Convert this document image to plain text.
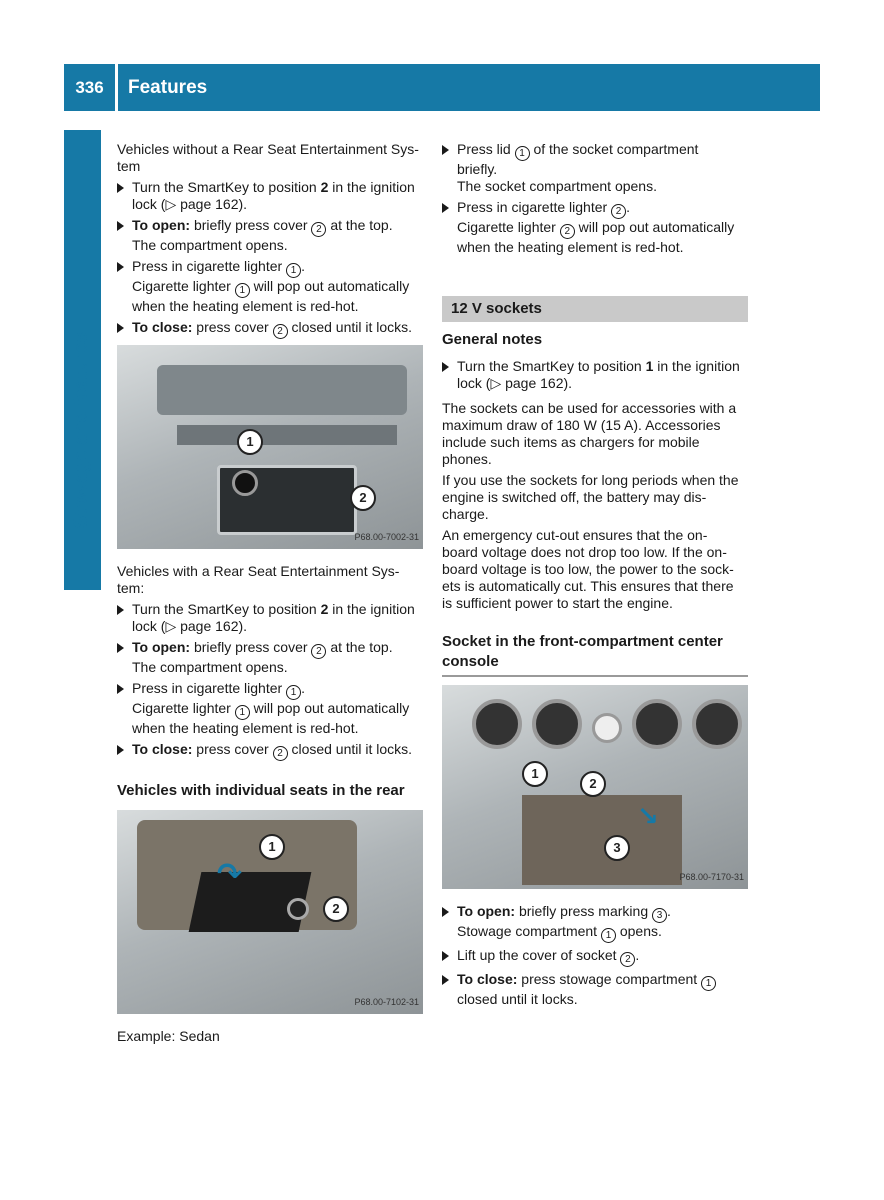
336	Features
Stowage and features

Vehicles without a Rear Seat Entertainment Sys-
tem

Turn the SmartKey to position 2 in the ignition
lock (▷ page 162).
To open: briefly press cover 2 at the top.
The compartment opens.
Press in cigarette lighter 1 .
Cigarette lighter 1 will pop out automatically
when the heating element is red-hot.
To close: press cover 2 closed until it locks.
1
2
P68.00-7002-31

Vehicles with a Rear Seat Entertainment Sys-
tem:

Turn the SmartKey to position 2 in the ignition
lock (▷ page 162).
To open: briefly press cover 2 at the top.
The compartment opens.
Press in cigarette lighter 1 .
Cigarette lighter 1 will pop out automatically
when the heating element is red-hot.
To close: press cover 2 closed until it locks.
Vehicles with individual seats in the rear
↷
1
2
P68.00-7102-31

Example: Sedan

Press lid 1 of the socket compartment
briefly.
The socket compartment opens.
Press in cigarette lighter 2 .
Cigarette lighter 2 will pop out automatically
when the heating element is red-hot.
12 V sockets
General notes
Turn the SmartKey to position 1 in the ignition
lock (▷ page 162).

The sockets can be used for accessories with a
maximum draw of 180 W (15 A). Accessories
include such items as chargers for mobile
phones.

If you use the sockets for long periods when the
engine is switched off, the battery may dis-
charge.

An emergency cut-out ensures that the on-
board voltage does not drop too low. If the on-
board voltage is too low, the power to the sock-
ets is automatically cut. This ensures that there
is sufficient power to start the engine.

Socket in the front-compartment center
console
↘
1
2
3
P68.00-7170-31
To open: briefly press marking 3 .
Stowage compartment 1 opens.
Lift up the cover of socket 2 .
To close: press stowage compartment 1
closed until it locks.
